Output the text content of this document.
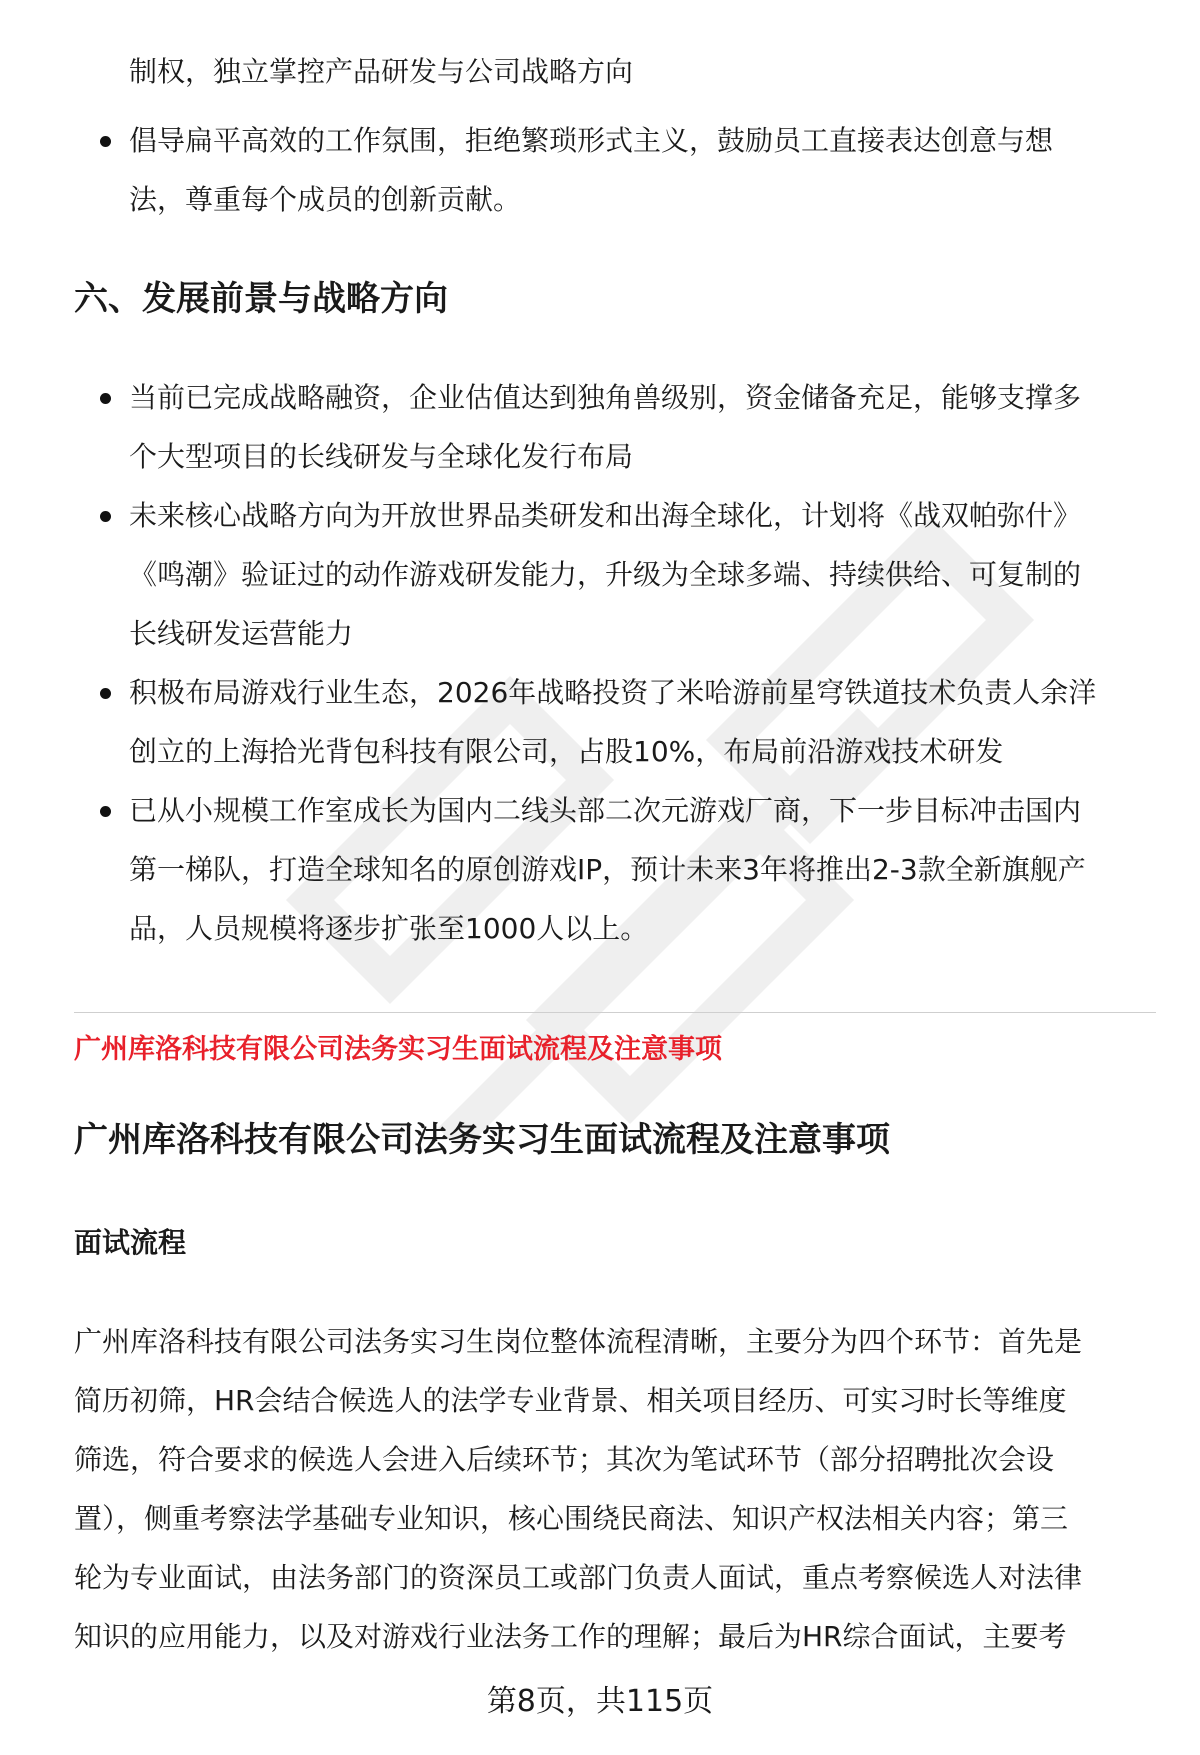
制权，独立掌控产品研发与公司战略方向

倡导扁平高效的工作氛围，拒绝繁琐形式主义，鼓励员工直接表达创意与想
法，尊重每个成员的创新贡献。
六、发展前景与战略方向
当前已完成战略融资，企业估值达到独角兽级别，资金储备充足，能够支撑多
个大型项目的长线研发与全球化发行布局
未来核心战略方向为开放世界品类研发和出海全球化，计划将《战双帕弥什》
《鸣潮》验证过的动作游戏研发能力，升级为全球多端、持续供给、可复制的
长线研发运营能力
积极布局游戏行业生态，2026年战略投资了米哈游前星穹铁道技术负责人余洋
创立的上海拾光背包科技有限公司，占股10%，布局前沿游戏技术研发
已从小规模工作室成长为国内二线头部二次元游戏厂商，下一步目标冲击国内
第一梯队，打造全球知名的原创游戏IP，预计未来3年将推出2-3款全新旗舰产
品，人员规模将逐步扩张至1000人以上。

广州库洛科技有限公司法务实习生面试流程及注意事项

广州库洛科技有限公司法务实习生面试流程及注意事项
面试流程

广州库洛科技有限公司法务实习生岗位整体流程清晰，主要分为四个环节：首先是
简历初筛，HR会结合候选人的法学专业背景、相关项目经历、可实习时长等维度
筛选，符合要求的候选人会进入后续环节；其次为笔试环节（部分招聘批次会设
置），侧重考察法学基础专业知识，核心围绕民商法、知识产权法相关内容；第三
轮为专业面试，由法务部门的资深员工或部门负责人面试，重点考察候选人对法律
知识的应用能力，以及对游戏行业法务工作的理解；最后为HR综合面试，主要考

第8页，共115页
